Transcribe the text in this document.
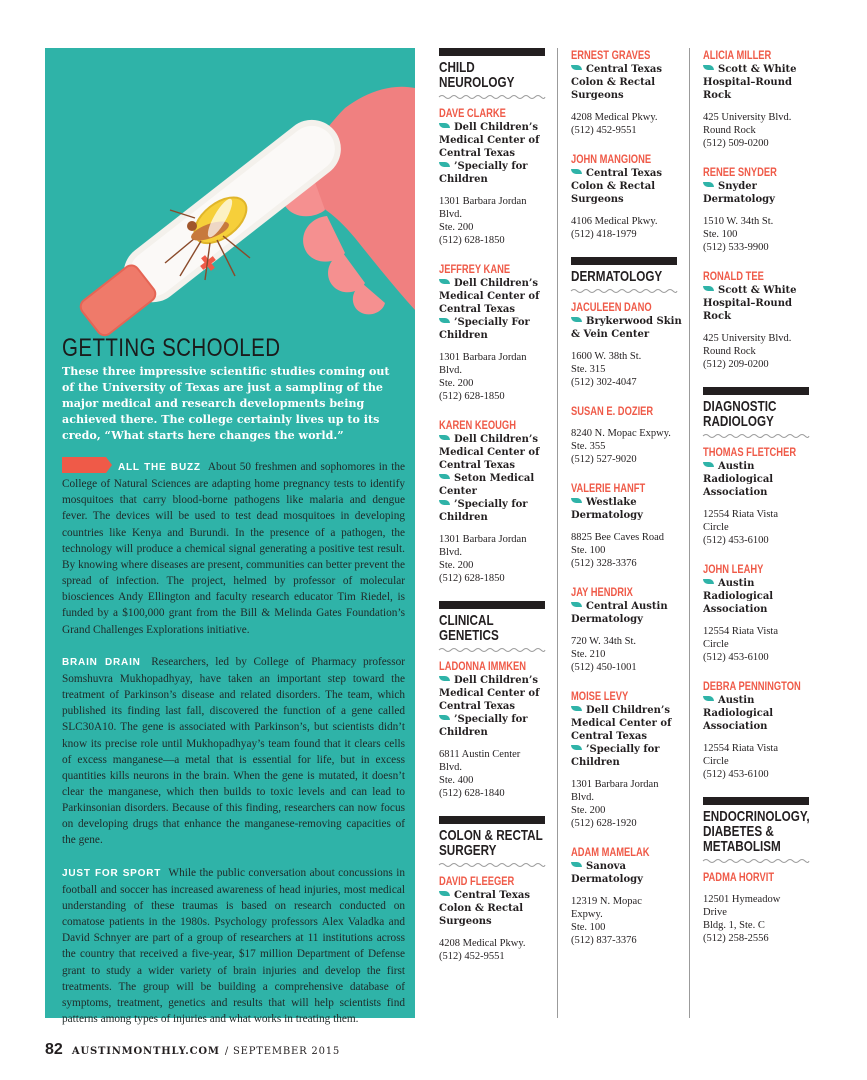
GETTING SCHOOLED
These three impressive scientific studies coming out of the University of Texas are just a sampling of the major medical and research developments being achieved there. The college certainly lives up to its credo, “What starts here changes the world.”

ALL THE BUZZ About 50 freshmen and sophomores in the College of Natural Sciences are adapting home pregnancy tests to identify mosquitoes that carry blood-borne pathogens like malaria and dengue fever. The devices will be used to test dead mosquitoes in developing countries like Kenya and Burundi. In the presence of a pathogen, the technology will produce a chemical signal generating a positive test result. By knowing where diseases are present, communities can better prevent the spread of infection. The project, helmed by professor of molecular biosciences Andy Ellington and faculty research educator Tim Riedel, is funded by a $100,000 grant from the Bill & Melinda Gates Foundation’s Grand Challenges Explorations initiative.

BRAIN DRAIN Researchers, led by College of Pharmacy professor Somshuvra Mukhopadhyay, have taken an important step toward the treatment of Parkinson’s disease and related disorders. The team, which published its finding last fall, discovered the function of a gene called SLC30A10. The gene is associated with Parkinson’s, but scientists didn’t know its precise role until Mukhopadhyay’s team found that it clears cells of excess manganese—a metal that is essential for life, but in excess quantities kills neurons in the brain. When the gene is mutated, it doesn’t clear the manganese, which then builds to toxic levels and can lead to Parkinsonian disorders. Because of this finding, researchers can now focus on developing drugs that enhance the manganese-removing capacities of the gene.

JUST FOR SPORT While the public conversation about concussions in football and soccer has increased awareness of head injuries, most medical understanding of these traumas is based on research conducted on comatose patients in the 1980s. Psychology professors Alex Valadka and David Schnyer are part of a group of researchers at 11 institutions across the country that received a five-year, $17 million Department of Defense grant to study a wider variety of brain injuries and develop the first treatments. The group will be building a comprehensive database of symptoms, treatment, genetics and results that will help scientists find patterns among types of injuries and what works in treating them.

CHILD NEUROLOGY
DAVE CLARKE
Dell Children’s
Medical Center of
Central Texas
’Specially for
Children
1301 Barbara Jordan
Blvd.
Ste. 200
(512) 628-1850
JEFFREY KANE
Dell Children’s
Medical Center of
Central Texas
’Specially For
Children
1301 Barbara Jordan
Blvd.
Ste. 200
(512) 628-1850
KAREN KEOUGH
Dell Children’s
Medical Center of
Central Texas
Seton Medical
Center
’Specially for
Children
1301 Barbara Jordan
Blvd.
Ste. 200
(512) 628-1850
CLINICAL GENETICS
LADONNA IMMKEN
Dell Children’s
Medical Center of
Central Texas
’Specially for
Children
6811 Austin Center
Blvd.
Ste. 400
(512) 628-1840
COLON & RECTAL
SURGERY
DAVID FLEEGER
Central Texas
Colon & Rectal
Surgeons
4208 Medical Pkwy.
(512) 452-9551
ERNEST GRAVES
Central Texas
Colon & Rectal
Surgeons
4208 Medical Pkwy.
(512) 452-9551
JOHN MANGIONE
Central Texas
Colon & Rectal
Surgeons
4106 Medical Pkwy.
(512) 418-1979
DERMATOLOGY
JACULEEN DANO
Brykerwood Skin
& Vein Center
1600 W. 38th St.
Ste. 315
(512) 302-4047
SUSAN E. DOZIER
8240 N. Mopac Expwy.
Ste. 355
(512) 527-9020
VALERIE HANFT
Westlake
Dermatology
8825 Bee Caves Road
Ste. 100
(512) 328-3376
JAY HENDRIX
Central Austin
Dermatology
720 W. 34th St.
Ste. 210
(512) 450-1001
MOISE LEVY
Dell Children’s
Medical Center of
Central Texas
’Specially for
Children
1301 Barbara Jordan
Blvd.
Ste. 200
(512) 628-1920
ADAM MAMELAK
Sanova
Dermatology
12319 N. Mopac
Expwy.
Ste. 100
(512) 837-3376
ALICIA MILLER
Scott & White
Hospital–Round
Rock
425 University Blvd.
Round Rock
(512) 509-0200
RENEE SNYDER
Snyder
Dermatology
1510 W. 34th St.
Ste. 100
(512) 533-9900
RONALD TEE
Scott & White
Hospital–Round
Rock
425 University Blvd.
Round Rock
(512) 209-0200
DIAGNOSTIC
RADIOLOGY
THOMAS FLETCHER
Austin
Radiological
Association
12554 Riata Vista
Circle
(512) 453-6100
JOHN LEAHY
Austin
Radiological
Association
12554 Riata Vista
Circle
(512) 453-6100
DEBRA PENNINGTON
Austin
Radiological
Association
12554 Riata Vista
Circle
(512) 453-6100
ENDOCRINOLOGY,
DIABETES &
METABOLISM
PADMA HORVIT
12501 Hymeadow
Drive
Bldg. 1, Ste. C
(512) 258-2556
82 AUSTINMONTHLY.COM / SEPTEMBER 2015
